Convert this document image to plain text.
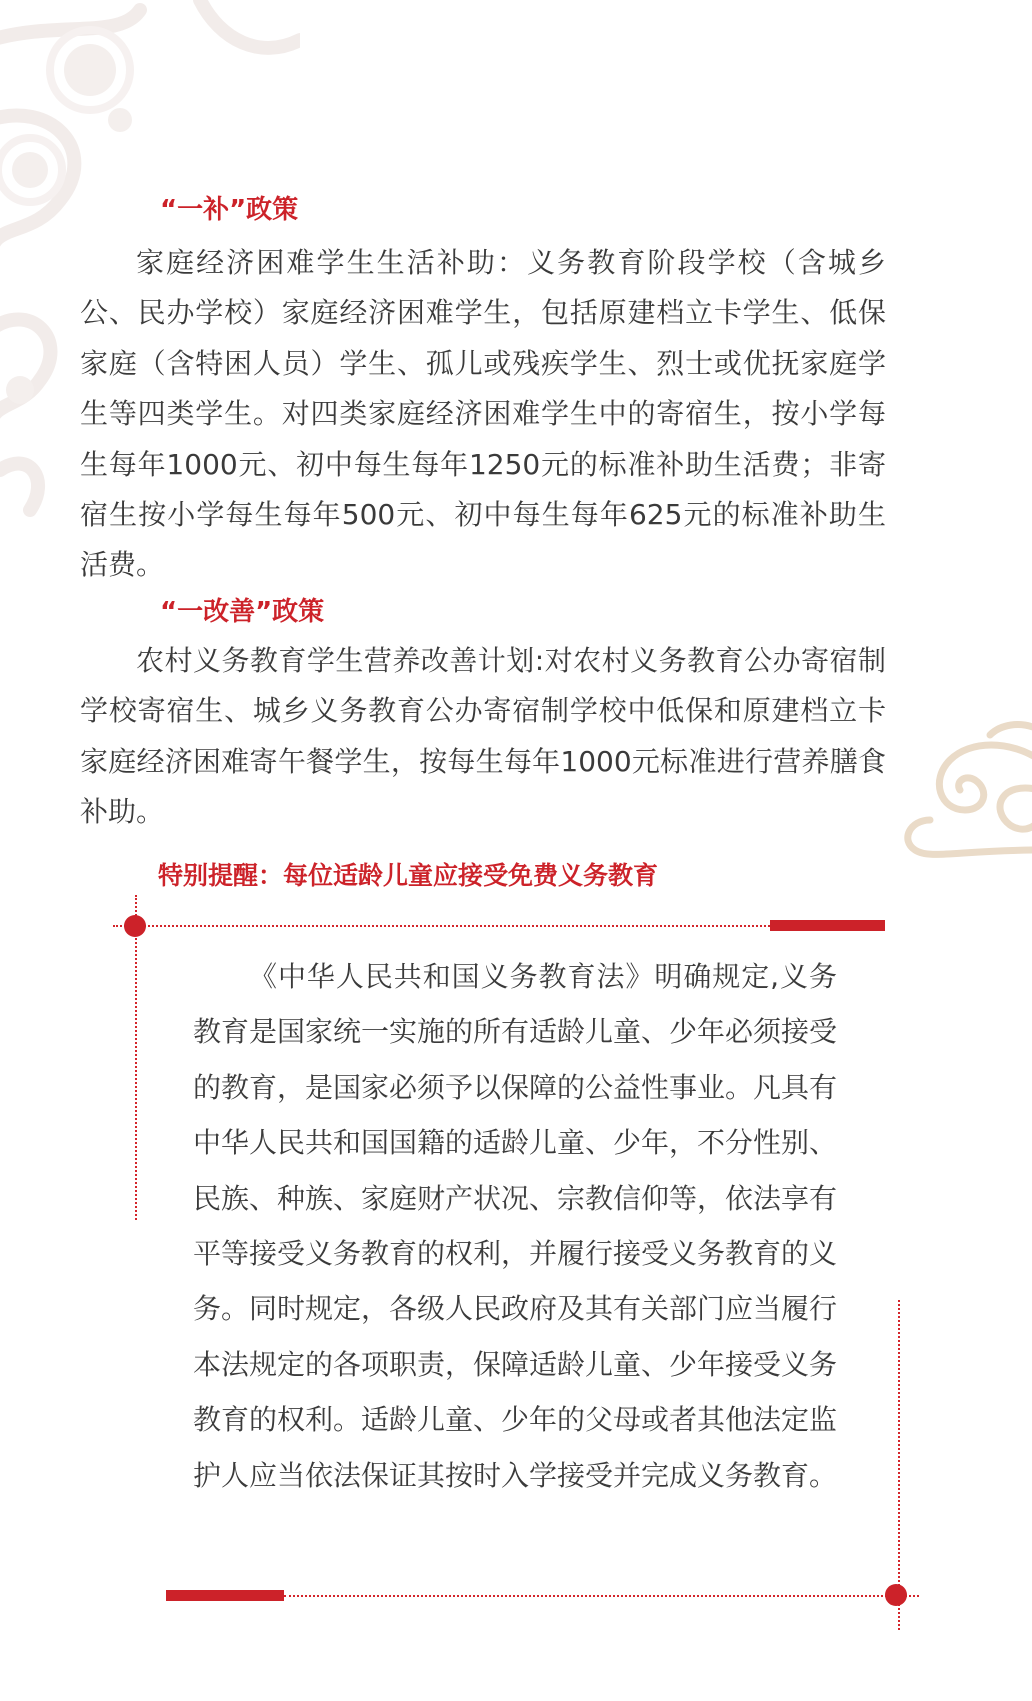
“一补”政策

家庭经济困难学生生活补助：义务教育阶段学校（含城乡公、民办学校）家庭经济困难学生，包括原建档立卡学生、低保家庭（含特困人员）学生、孤儿或残疾学生、烈士或优抚家庭学生等四类学生。对四类家庭经济困难学生中的寄宿生，按小学每生每年1000元、初中每生每年1250元的标准补助生活费；非寄宿生按小学每生每年500元、初中每生每年625元的标准补助生活费。

“一改善”政策

农村义务教育学生营养改善计划:对农村义务教育公办寄宿制学校寄宿生、城乡义务教育公办寄宿制学校中低保和原建档立卡家庭经济困难寄午餐学生，按每生每年1000元标准进行营养膳食补助。

特别提醒：每位适龄儿童应接受免费义务教育

《中华人民共和国义务教育法》明确规定,义务教育是国家统一实施的所有适龄儿童、少年必须接受的教育，是国家必须予以保障的公益性事业。凡具有中华人民共和国国籍的适龄儿童、少年，不分性别、民族、种族、家庭财产状况、宗教信仰等，依法享有平等接受义务教育的权利，并履行接受义务教育的义务。同时规定，各级人民政府及其有关部门应当履行本法规定的各项职责，保障适龄儿童、少年接受义务教育的权利。适龄儿童、少年的父母或者其他法定监护人应当依法保证其按时入学接受并完成义务教育。
